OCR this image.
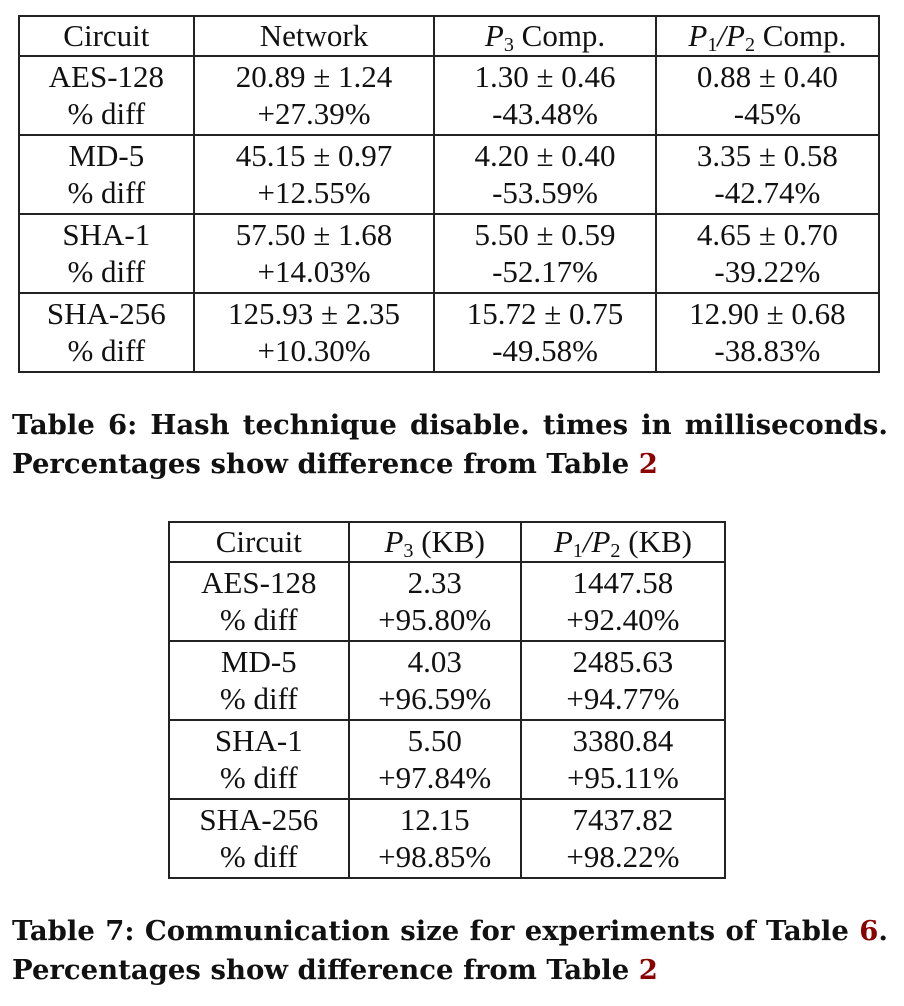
Circuit	Network	$P_3$ Comp.	$P_1/P_2$ Comp.
AES-128	20.89 ± 1.24	1.30 ± 0.46	0.88 ± 0.40
% diff	+27.39%	-43.48%	-45%
MD-5	45.15 ± 0.97	4.20 ± 0.40	3.35 ± 0.58
% diff	+12.55%	-53.59%	-42.74%
SHA-1	57.50 ± 1.68	5.50 ± 0.59	4.65 ± 0.70
% diff	+14.03%	-52.17%	-39.22%
SHA-256	125.93 ± 2.35	15.72 ± 0.75	12.90 ± 0.68
% diff	+10.30%	-49.58%	-38.83%
Table 6: Hash technique disable. times in milliseconds. Percentages show difference from Table 2
Circuit	$P_3$ (KB)	$P_1/P_2$ (KB)
AES-128	2.33	1447.58
% diff	+95.80%	+92.40%
MD-5	4.03	2485.63
% diff	+96.59%	+94.77%
SHA-1	5.50	3380.84
% diff	+97.84%	+95.11%
SHA-256	12.15	7437.82
% diff	+98.85%	+98.22%
Table 7: Communication size for experiments of Table 6. Percentages show difference from Table 2
